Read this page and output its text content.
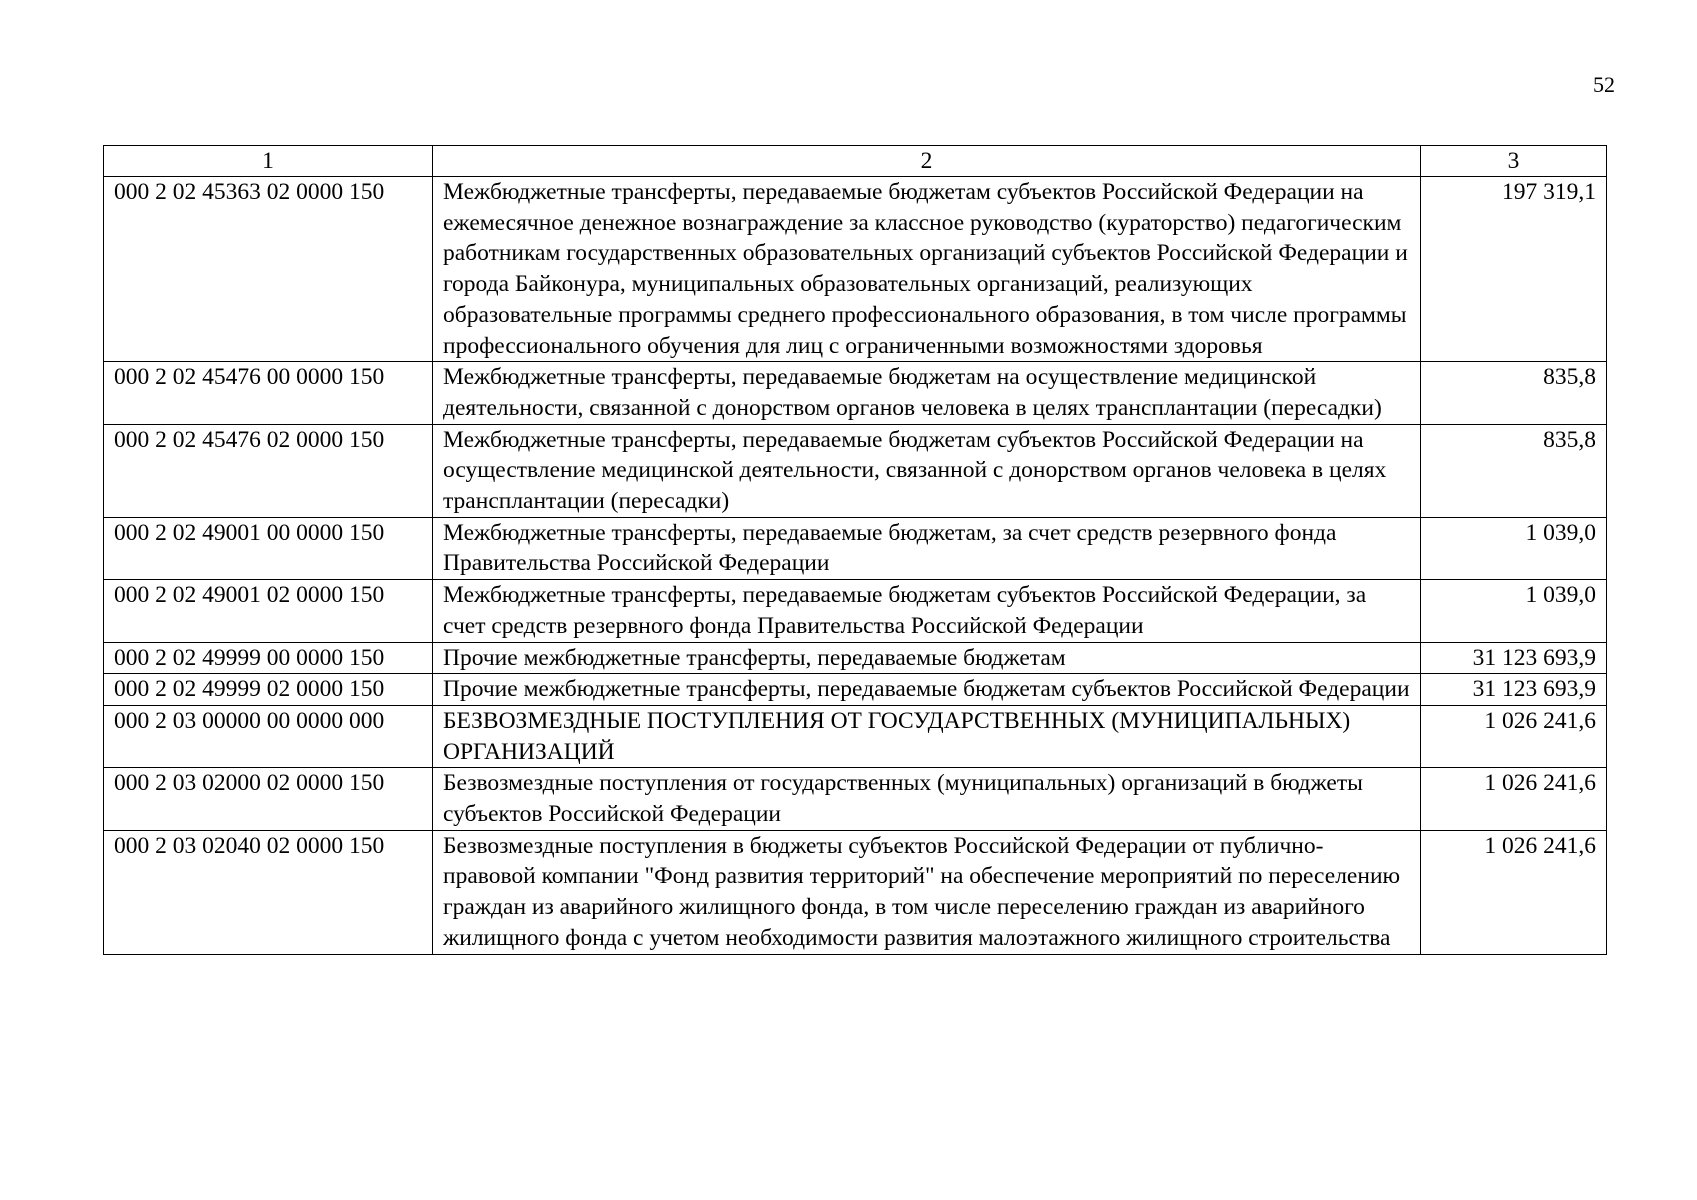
52
1	2	3
000 2 02 45363 02 0000 150	Межбюджетные трансферты, передаваемые бюджетам субъектов Российской Федерации на ежемесячное денежное вознаграждение за классное руководство (кураторство) педагогическим работникам государственных образовательных организаций субъектов Российской Федерации и города Байконура, муниципальных образовательных организаций, реализующих образовательные программы среднего профессионального образования, в том числе программы профессионального обучения для лиц с ограниченными возможностями здоровья	197 319,1
000 2 02 45476 00 0000 150	Межбюджетные трансферты, передаваемые бюджетам на осуществление медицинской деятельности, связанной с донорством органов человека в целях трансплантации (пересадки)	835,8
000 2 02 45476 02 0000 150	Межбюджетные трансферты, передаваемые бюджетам субъектов Российской Федерации на осуществление медицинской деятельности, связанной с донорством органов человека в целях трансплантации (пересадки)	835,8
000 2 02 49001 00 0000 150	Межбюджетные трансферты, передаваемые бюджетам, за счет средств резервного фонда Правительства Российской Федерации	1 039,0
000 2 02 49001 02 0000 150	Межбюджетные трансферты, передаваемые бюджетам субъектов Российской Федерации, за счет средств резервного фонда Правительства Российской Федерации	1 039,0
000 2 02 49999 00 0000 150	Прочие межбюджетные трансферты, передаваемые бюджетам	31 123 693,9
000 2 02 49999 02 0000 150	Прочие межбюджетные трансферты, передаваемые бюджетам субъектов Российской Федерации	31 123 693,9
000 2 03 00000 00 0000 000	БЕЗВОЗМЕЗДНЫЕ ПОСТУПЛЕНИЯ ОТ ГОСУДАРСТВЕННЫХ (МУНИЦИПАЛЬНЫХ) ОРГАНИЗАЦИЙ	1 026 241,6
000 2 03 02000 02 0000 150	Безвозмездные поступления от государственных (муниципальных) организаций в бюджеты субъектов Российской Федерации	1 026 241,6
000 2 03 02040 02 0000 150	Безвозмездные поступления в бюджеты субъектов Российской Федерации от публично-правовой компании "Фонд развития территорий" на обеспечение мероприятий по переселению граждан из аварийного жилищного фонда, в том числе переселению граждан из аварийного жилищного фонда с учетом необходимости развития малоэтажного жилищного строительства	1 026 241,6
